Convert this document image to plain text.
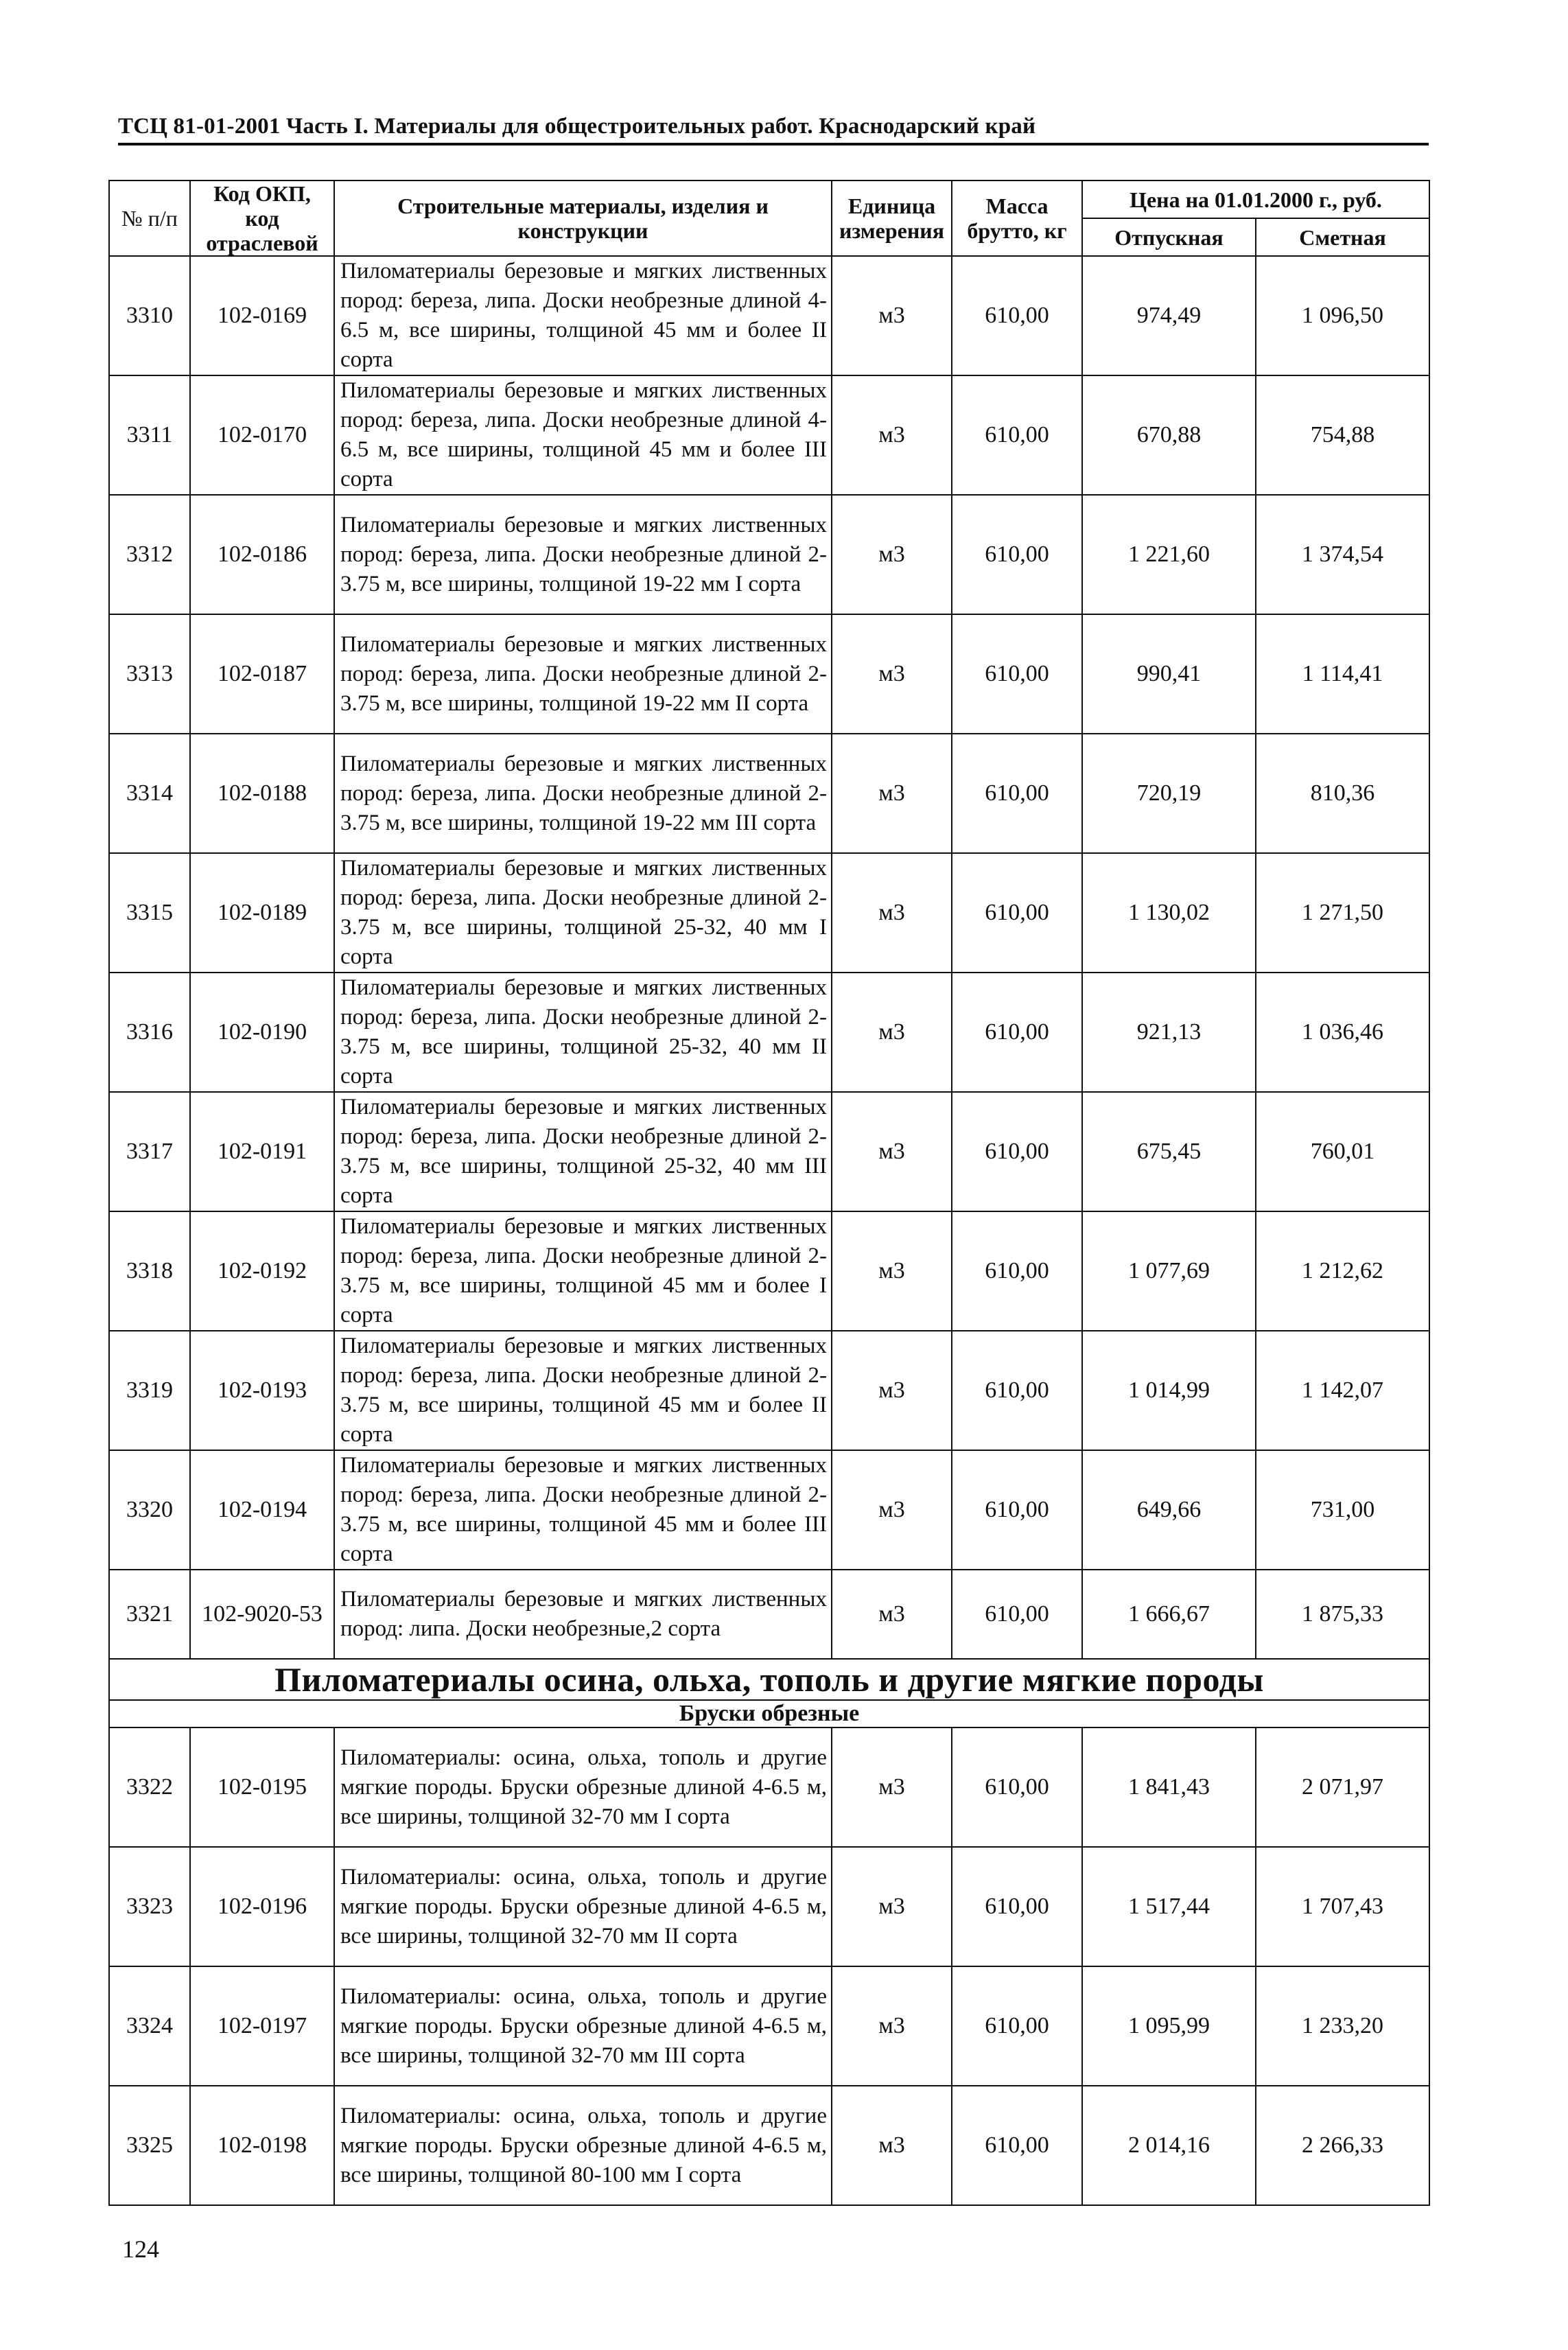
ТСЦ 81-01-2001 Часть I. Материалы для общестроительных работ. Краснодарский край
№ п/п	Код ОКП, код отраслевой	Строительные материалы, изделия и конструкции	Единица измерения	Масса брутто, кг	Цена на 01.01.2000 г., руб.	
					Отпускная	Сметная
3310	102-0169	Пиломатериалы березовые и мягких лиственных пород: береза, липа. Доски необрезные длиной 4-6.5 м, все ширины, толщиной 45 мм и более II сорта	м3	610,00	974,49	1 096,50
3311	102-0170	Пиломатериалы березовые и мягких лиственных пород: береза, липа. Доски необрезные длиной 4-6.5 м, все ширины, толщиной 45 мм и более III сорта	м3	610,00	670,88	754,88
3312	102-0186	Пиломатериалы березовые и мягких лиственных пород: береза, липа. Доски необрезные длиной 2-3.75 м, все ширины, толщиной 19-22 мм I сорта	м3	610,00	1 221,60	1 374,54
3313	102-0187	Пиломатериалы березовые и мягких лиственных пород: береза, липа. Доски необрезные длиной 2-3.75 м, все ширины, толщиной 19-22 мм II сорта	м3	610,00	990,41	1 114,41
3314	102-0188	Пиломатериалы березовые и мягких лиственных пород: береза, липа. Доски необрезные длиной 2-3.75 м, все ширины, толщиной 19-22 мм III сорта	м3	610,00	720,19	810,36
3315	102-0189	Пиломатериалы березовые и мягких лиственных пород: береза, липа. Доски необрезные длиной 2-3.75 м, все ширины, толщиной 25-32, 40 мм I сорта	м3	610,00	1 130,02	1 271,50
3316	102-0190	Пиломатериалы березовые и мягких лиственных пород: береза, липа. Доски необрезные длиной 2-3.75 м, все ширины, толщиной 25-32, 40 мм II сорта	м3	610,00	921,13	1 036,46
3317	102-0191	Пиломатериалы березовые и мягких лиственных пород: береза, липа. Доски необрезные длиной 2-3.75 м, все ширины, толщиной 25-32, 40 мм III сорта	м3	610,00	675,45	760,01
3318	102-0192	Пиломатериалы березовые и мягких лиственных пород: береза, липа. Доски необрезные длиной 2-3.75 м, все ширины, толщиной 45 мм и более I сорта	м3	610,00	1 077,69	1 212,62
3319	102-0193	Пиломатериалы березовые и мягких лиственных пород: береза, липа. Доски необрезные длиной 2-3.75 м, все ширины, толщиной 45 мм и более II сорта	м3	610,00	1 014,99	1 142,07
3320	102-0194	Пиломатериалы березовые и мягких лиственных пород: береза, липа. Доски необрезные длиной 2-3.75 м, все ширины, толщиной 45 мм и более III сорта	м3	610,00	649,66	731,00
3321	102-9020-53	Пиломатериалы березовые и мягких лиственных пород: липа. Доски необрезные,2 сорта	м3	610,00	1 666,67	1 875,33
Пиломатериалы осина, ольха, тополь и другие мягкие породы						
Бруски обрезные						
3322	102-0195	Пиломатериалы: осина, ольха, тополь и другие мягкие породы. Бруски обрезные длиной 4-6.5 м, все ширины, толщиной 32-70 мм I сорта	м3	610,00	1 841,43	2 071,97
3323	102-0196	Пиломатериалы: осина, ольха, тополь и другие мягкие породы. Бруски обрезные длиной 4-6.5 м, все ширины, толщиной 32-70 мм II сорта	м3	610,00	1 517,44	1 707,43
3324	102-0197	Пиломатериалы: осина, ольха, тополь и другие мягкие породы. Бруски обрезные длиной 4-6.5 м, все ширины, толщиной 32-70 мм III сорта	м3	610,00	1 095,99	1 233,20
3325	102-0198	Пиломатериалы: осина, ольха, тополь и другие мягкие породы. Бруски обрезные длиной 4-6.5 м, все ширины, толщиной 80-100 мм I сорта	м3	610,00	2 014,16	2 266,33
124
